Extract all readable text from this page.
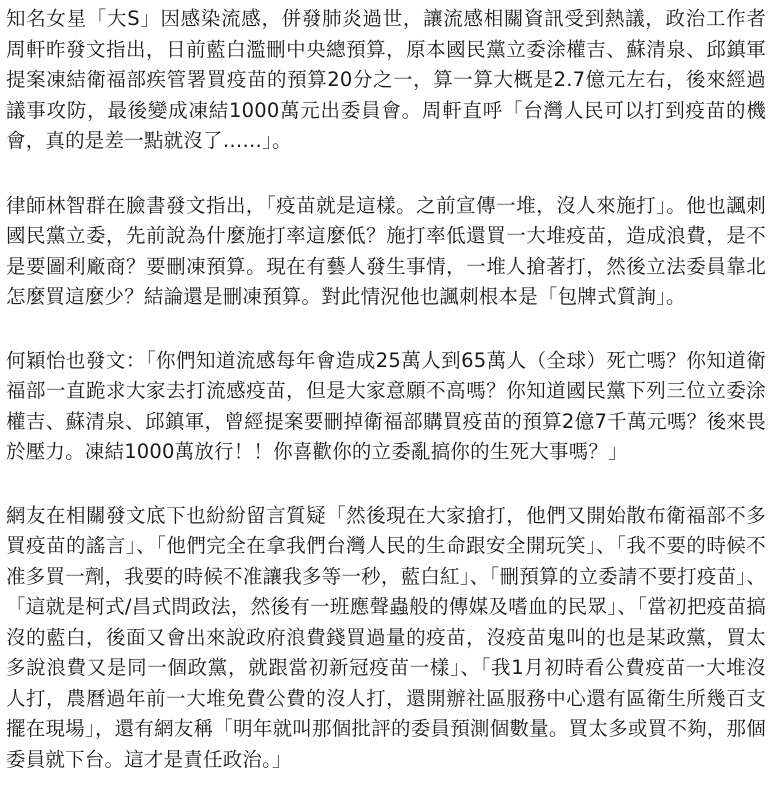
知名女星「大S」因感染流感，併發肺炎過世，讓流感相關資訊受到熱議，政治工作者周軒昨發文指出，日前藍白濫刪中央總預算，原本國民黨立委涂權吉、蘇清泉、邱鎮軍提案凍結衛福部疾管署買疫苗的預算20分之一，算一算大概是2.7億元左右，後來經過議事攻防，最後變成凍結1000萬元出委員會。周軒直呼「台灣人民可以打到疫苗的機會，真的是差一點就沒了……」。

律師林智群在臉書發文指出，「疫苗就是這樣。之前宣傳一堆，沒人來施打」。他也諷刺國民黨立委，先前說為什麼施打率這麼低？施打率低還買一大堆疫苗，造成浪費，是不是要圖利廠商？要刪凍預算。現在有藝人發生事情，一堆人搶著打，然後立法委員靠北怎麼買這麼少？結論還是刪凍預算。對此情況他也諷刺根本是「包牌式質詢」。

何穎怡也發文：「你們知道流感每年會造成25萬人到65萬人（全球）死亡嗎？你知道衛福部一直跪求大家去打流感疫苗，但是大家意願不高嗎？你知道國民黨下列三位立委涂權吉、蘇清泉、邱鎮軍，曾經提案要刪掉衛福部購買疫苗的預算2億7千萬元嗎？後來畏於壓力。凍結1000萬放行！！你喜歡你的立委亂搞你的生死大事嗎？」

網友在相關發文底下也紛紛留言質疑「然後現在大家搶打，他們又開始散布衛福部不多買疫苗的謠言」、「他們完全在拿我們台灣人民的生命跟安全開玩笑」、「我不要的時候不准多買一劑，我要的時候不准讓我多等一秒，藍白紅」、「刪預算的立委請不要打疫苗」、「這就是柯式/昌式問政法，然後有一班應聲蟲般的傳媒及嗜血的民眾」、「當初把疫苗搞沒的藍白，後面又會出來說政府浪費錢買過量的疫苗，沒疫苗鬼叫的也是某政黨，買太多說浪費又是同一個政黨，就跟當初新冠疫苗一樣」、「我1月初時看公費疫苗一大堆沒人打，農曆過年前一大堆免費公費的沒人打，還開辦社區服務中心還有區衛生所幾百支擺在現場」，還有網友稱「明年就叫那個批評的委員預測個數量。買太多或買不夠，那個委員就下台。這才是責任政治。」
